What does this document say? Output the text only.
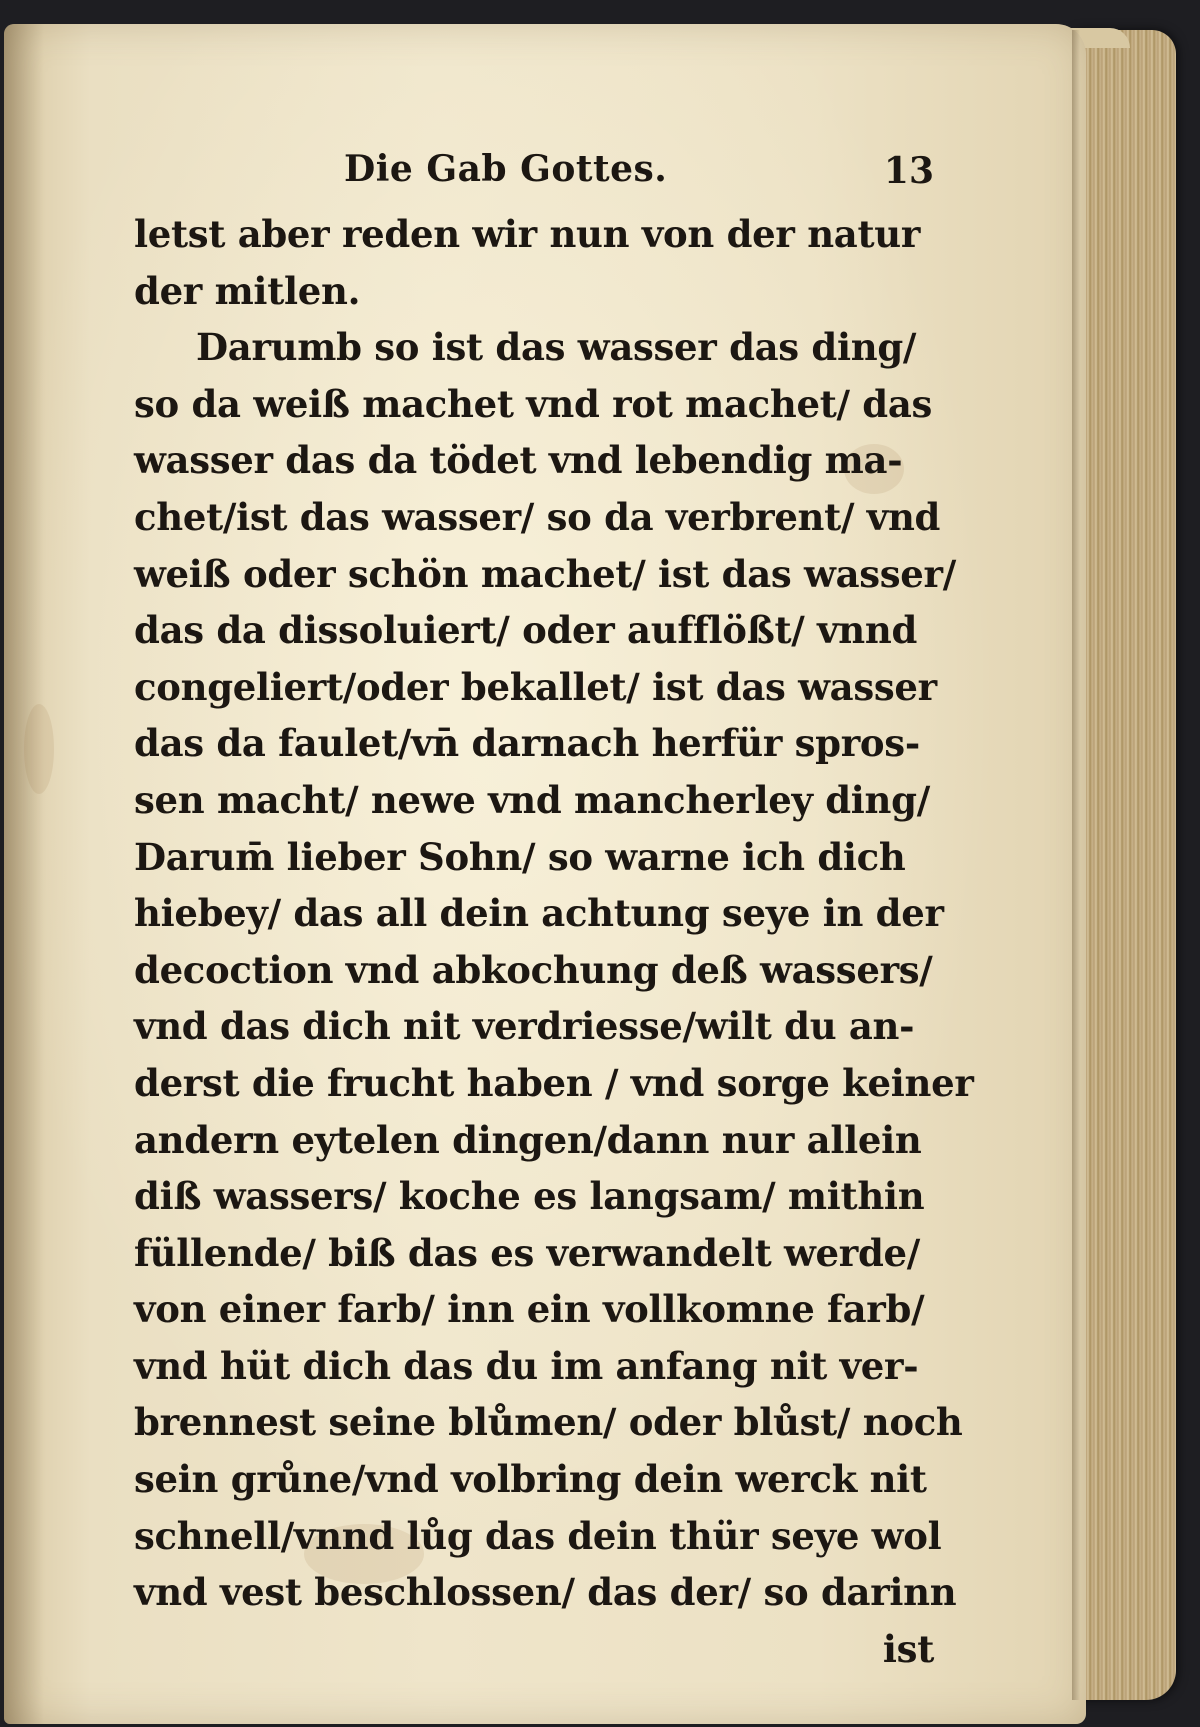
Die Gab Gottes.	13
letst aber reden wir nun von der natur
der mitlen.
Darumb so ist das wasser das ding/
so da weiß machet vnd rot machet/ das
wasser das da tödet vnd lebendig ma-
chet/ist das wasser/ so da verbrent/ vnd
weiß oder schön machet/ ist das wasser/
das da dissoluiert/ oder aufflößt/ vnnd
congeliert/oder bekallet/ ist das wasser
das da faulet/vn̄ darnach herfür spros-
sen macht/ newe vnd mancherley ding/
Darum̄ lieber Sohn/ so warne ich dich
hiebey/ das all dein achtung seye in der
decoction vnd abkochung deß wassers/
vnd das dich nit verdriesse/wilt du an-
derst die frucht haben / vnd sorge keiner
andern eytelen dingen/dann nur allein
diß wassers/ koche es langsam/ mithin
füllende/ biß das es verwandelt werde/
von einer farb/ inn ein vollkomne farb/
vnd hüt dich das du im anfang nit ver-
brennest seine blůmen/ oder blůst/ noch
sein grůne/vnd volbring dein werck nit
schnell/vnnd lůg das dein thür seye wol
vnd vest beschlossen/ das der/ so darinn
ist
